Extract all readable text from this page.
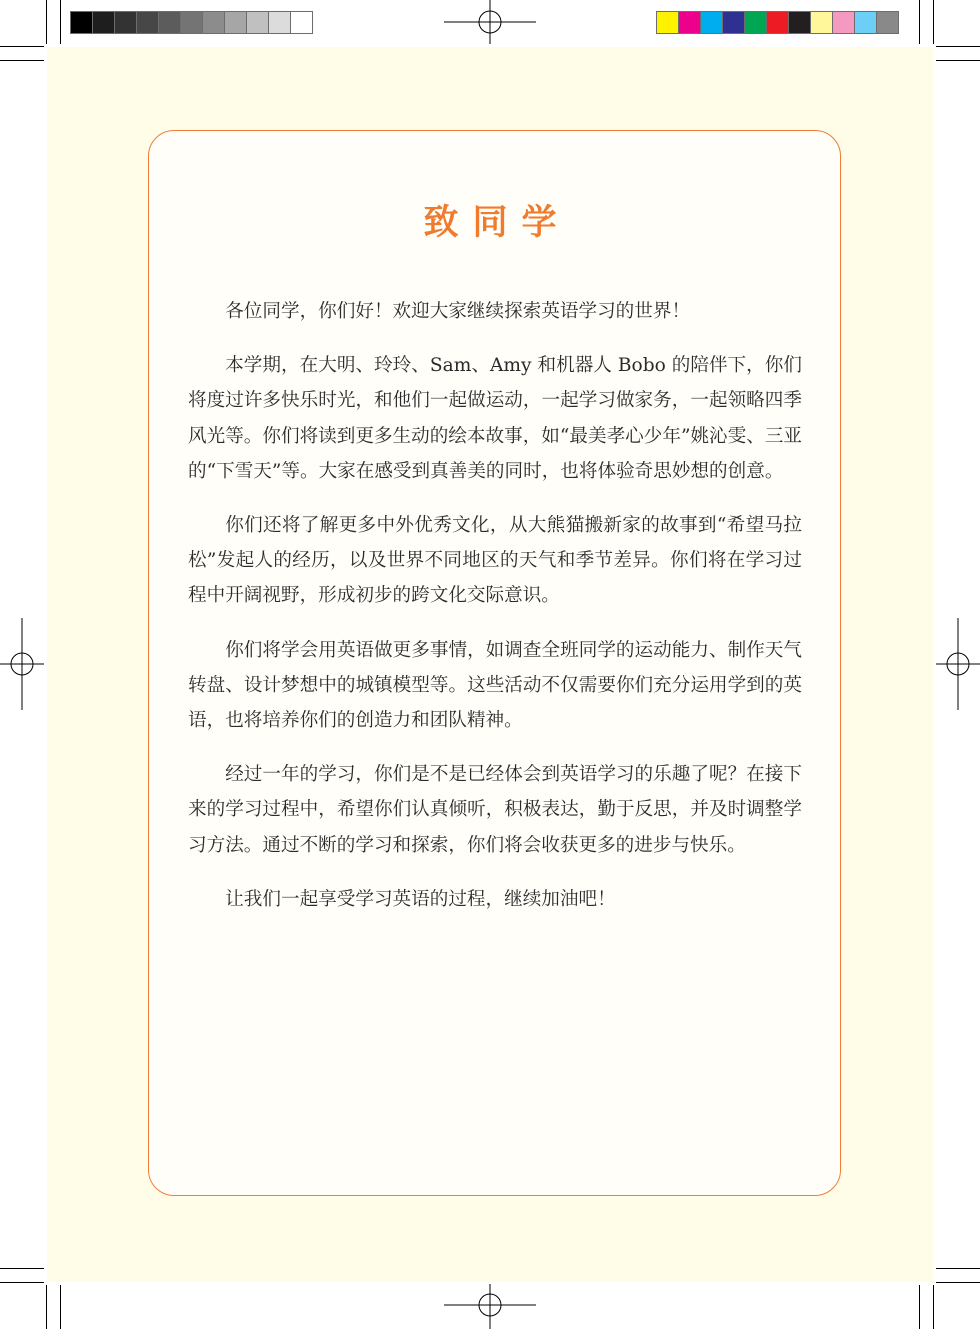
致同学

各位同学，你们好！欢迎大家继续探索英语学习的世界！

本学期，在大明、玲玲、Sam、Amy 和机器人 Bobo 的陪伴下，你们将度过许多快乐时光，和他们一起做运动，一起学习做家务，一起领略四季风光等。你们将读到更多生动的绘本故事，如“最美孝心少年”姚沁雯、三亚的“下雪天”等。大家在感受到真善美的同时，也将体验奇思妙想的创意。

你们还将了解更多中外优秀文化，从大熊猫搬新家的故事到“希望马拉松”发起人的经历，以及世界不同地区的天气和季节差异。你们将在学习过程中开阔视野，形成初步的跨文化交际意识。

你们将学会用英语做更多事情，如调查全班同学的运动能力、制作天气转盘、设计梦想中的城镇模型等。这些活动不仅需要你们充分运用学到的英语，也将培养你们的创造力和团队精神。

经过一年的学习，你们是不是已经体会到英语学习的乐趣了呢？在接下来的学习过程中，希望你们认真倾听，积极表达，勤于反思，并及时调整学习方法。通过不断的学习和探索，你们将会收获更多的进步与快乐。

让我们一起享受学习英语的过程，继续加油吧！
